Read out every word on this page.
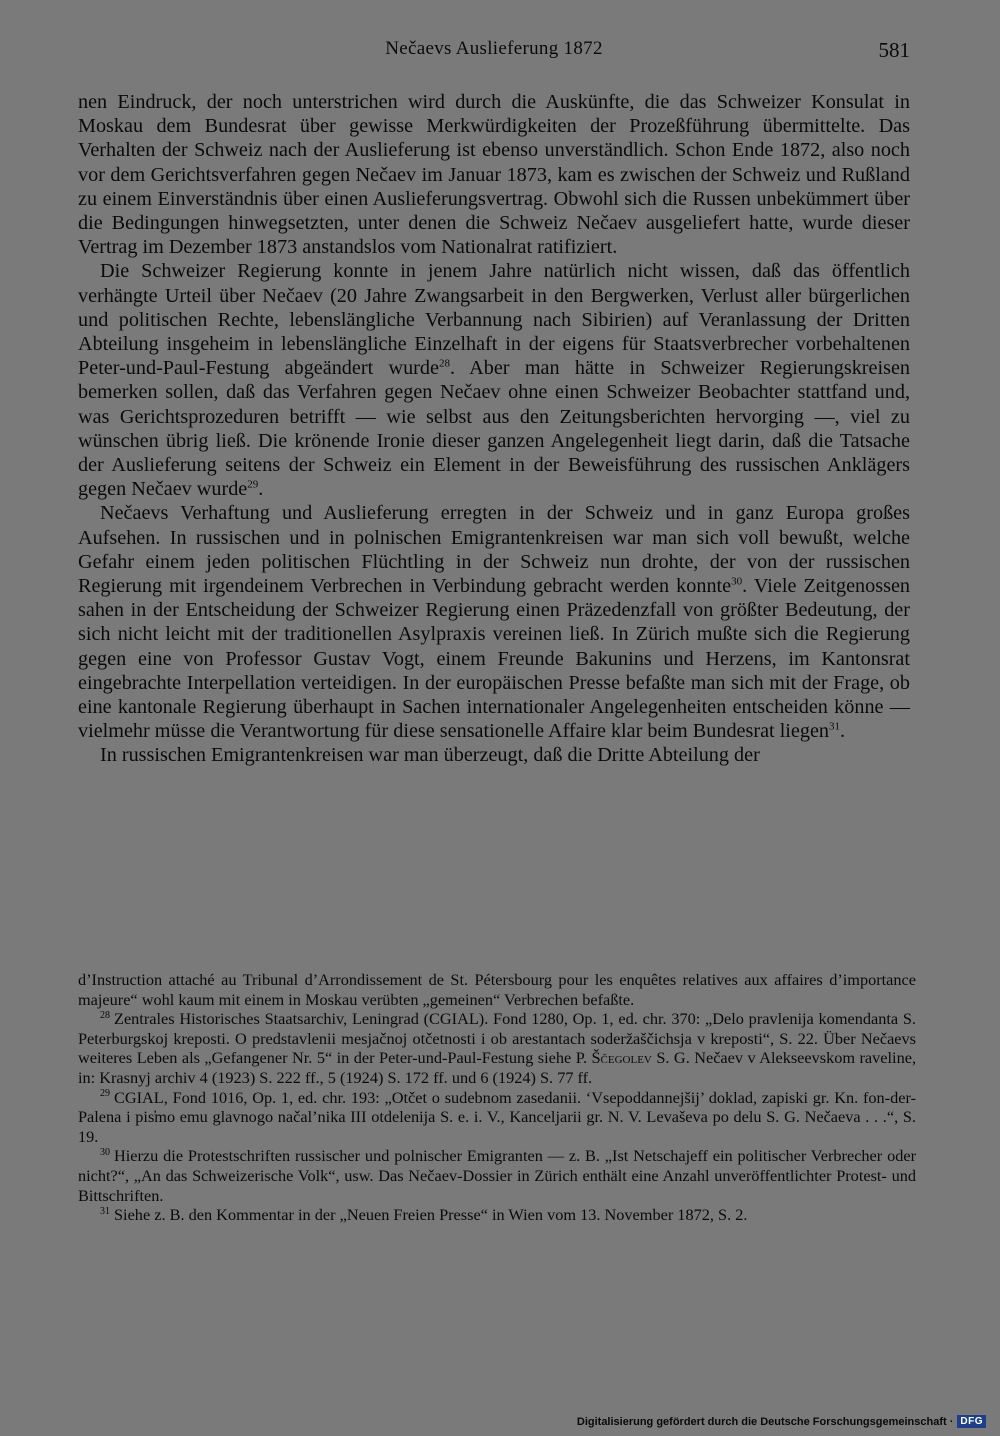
Nečaevs Auslieferung 1872	581

nen Eindruck, der noch unterstrichen wird durch die Auskünfte, die das Schweizer Konsulat in Moskau dem Bundesrat über gewisse Merkwürdigkeiten der Prozeßführung übermittelte. Das Verhalten der Schweiz nach der Auslieferung ist ebenso unverständlich. Schon Ende 1872, also noch vor dem Gerichtsverfahren gegen Nečaev im Januar 1873, kam es zwischen der Schweiz und Rußland zu einem Einverständnis über einen Auslieferungsvertrag. Obwohl sich die Russen unbekümmert über die Bedingungen hinwegsetzten, unter denen die Schweiz Nečaev ausgeliefert hatte, wurde dieser Vertrag im Dezember 1873 anstandslos vom Nationalrat ratifiziert.

Die Schweizer Regierung konnte in jenem Jahre natürlich nicht wissen, daß das öffentlich verhängte Urteil über Nečaev (20 Jahre Zwangsarbeit in den Bergwerken, Verlust aller bürgerlichen und politischen Rechte, lebenslängliche Verbannung nach Sibirien) auf Veranlassung der Dritten Abteilung insgeheim in lebenslängliche Einzelhaft in der eigens für Staatsverbrecher vorbehaltenen Peter-und-Paul-Festung abgeändert wurde$^{28}$. Aber man hätte in Schweizer Regierungskreisen bemerken sollen, daß das Verfahren gegen Nečaev ohne einen Schweizer Beobachter stattfand und, was Gerichtsprozeduren betrifft — wie selbst aus den Zeitungsberichten hervorging —, viel zu wünschen übrig ließ. Die krönende Ironie dieser ganzen Angelegenheit liegt darin, daß die Tatsache der Auslieferung seitens der Schweiz ein Element in der Beweisführung des russischen Anklägers gegen Nečaev wurde$^{29}$.

Nečaevs Verhaftung und Auslieferung erregten in der Schweiz und in ganz Europa großes Aufsehen. In russischen und in polnischen Emigrantenkreisen war man sich voll bewußt, welche Gefahr einem jeden politischen Flüchtling in der Schweiz nun drohte, der von der russischen Regierung mit irgendeinem Verbrechen in Verbindung gebracht werden konnte$^{30}$. Viele Zeitgenossen sahen in der Entscheidung der Schweizer Regierung einen Präzedenzfall von größter Bedeutung, der sich nicht leicht mit der traditionellen Asylpraxis vereinen ließ. In Zürich mußte sich die Regierung gegen eine von Professor Gustav Vogt, einem Freunde Bakunins und Herzens, im Kantonsrat eingebrachte Interpellation verteidigen. In der europäischen Presse befaßte man sich mit der Frage, ob eine kantonale Regierung überhaupt in Sachen internationaler Angelegenheiten entscheiden könne — vielmehr müsse die Verantwortung für diese sensationelle Affaire klar beim Bundesrat liegen$^{31}$.

In russischen Emigrantenkreisen war man überzeugt, daß die Dritte Abteilung der

d’Instruction attaché au Tribunal d’Arrondissement de St. Pétersbourg pour les enquêtes relatives aux affaires d’importance majeure“ wohl kaum mit einem in Moskau verübten „gemeinen“ Verbrechen befaßte.

$^{28}$ Zentrales Historisches Staatsarchiv, Leningrad (CGIAL). Fond 1280, Op. 1, ed. chr. 370: „Delo pravlenija komendanta S. Peterburgskoj kreposti. O predstavlenii mesjačnoj otčetnosti i ob arestantach soderžaščichsja v kreposti“, S. 22. Über Nečaevs weiteres Leben als „Gefangener Nr. 5“ in der Peter-und-Paul-Festung siehe P. Ščegolev S. G. Nečaev v Alekseevskom raveline, in: Krasnyj archiv 4 (1923) S. 222 ff., 5 (1924) S. 172 ff. und 6 (1924) S. 77 ff.

$^{29}$ CGIAL, Fond 1016, Op. 1, ed. chr. 193: „Otčet o sudebnom zasedanii. ‘Vsepoddannejšij’ doklad, zapiski gr. Kn. fon-der-Palena i pis̕mo emu glavnogo načal’nika III otdelenija S. e. i. V., Kanceljarii gr. N. V. Levaševa po delu S. G. Nečaeva . . .“, S. 19.

$^{30}$ Hierzu die Protestschriften russischer und polnischer Emigranten — z. B. „Ist Netschajeff ein politischer Verbrecher oder nicht?“, „An das Schweizerische Volk“, usw. Das Nečaev-Dossier in Zürich enthält eine Anzahl unveröffentlichter Protest- und Bittschriften.

$^{31}$ Siehe z. B. den Kommentar in der „Neuen Freien Presse“ in Wien vom 13. November 1872, S. 2.

Digitalisierung gefördert durch die Deutsche Forschungsgemeinschaft · DFG
